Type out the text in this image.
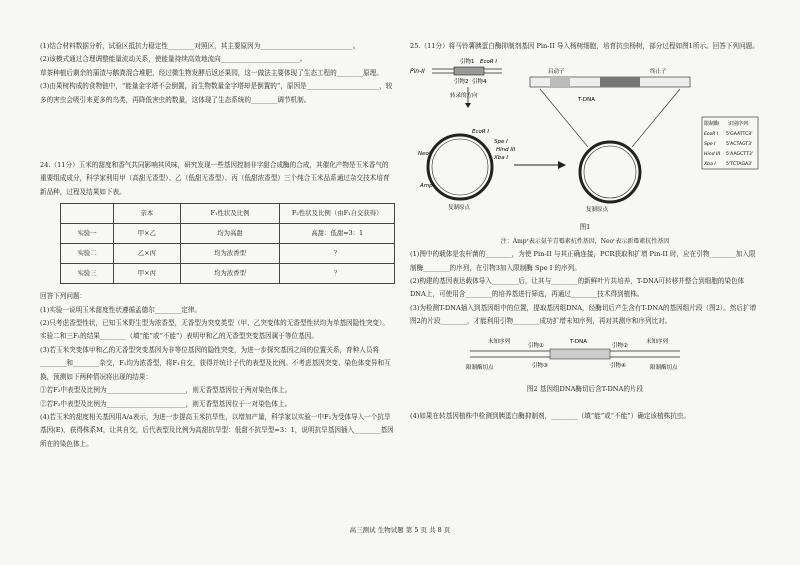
(1)结合材料数据分析，试验区抵抗力稳定性________对照区，其主要原因为____________________________。

(2)该模式通过合理调整能量流动关系，使能量持续高效地流向________________________。

草茶种植后剩余的蒲渣与鹅粪混合堆肥，经过微生物发酵后返还果园，这一做法主要体现了生态工程的________原理。

(3)由果树构成的食物链中，“能量金字塔不会倒置，而生物数量金字塔却是倒置的”，原因是______________________，较多的害虫会吸引来更多的鸟类，再降低害虫的数量，这体现了生态系统的________调节机制。

24.（11分）玉米的甜度和香气共同影响其风味，研究发现一些基因控制非字甜合成酶的合成，其催化产物是玉米香气的重要组成成分，科学家利用甲（高甜无香型）、乙（低甜无香型）、丙（低甜浓香型）三个纯合玉米品系通过杂交技术培育新品种，过程及结果如下表。

	亲本	F₁性状及比例	F₂性状及比例（由F₁自交获得）
实验一	甲×乙	均为高甜	高甜：低甜=3：1
实验二	乙×丙	均为浓香型	？
实验三	甲×丙	均为浓香型	？

回答下列问题：

(1)实验一说明玉米甜度性状遵循孟德尔________定律。

(2)只考虑香型性状，已知玉米野生型为浓香型，无香型为突变类型（甲、乙突变体的无香型性状均为单基因隐性突变）。实验二和三F₁的结果________（填“能”或“不能”）表明甲和乙的无香型突变基因属于等位基因。

(3)若玉米突变体甲和乙的无香型突变基因为非等位基因的隐性突变，为进一步探究基因之间的位置关系，育种人员将________和________杂交，F₁均为浓香型，将F₁自交，获得并统计子代的表型及比例。不考虑基因突变、染色体变异和互换，预测如下两种情况将出现的结果：

①若F₂中表型及比例为________________________，则无香型基因位于两对染色体上。

②若F₂中表型及比例为________________________，则无香型基因位于一对染色体上。

(4)若玉米的甜度相关基因用A/a表示，为进一步提高玉米抗旱性，以增加产量，科学家以实验一中F₁为受体导入一个抗旱基因(E)，获得株系M，让其自交，后代表型及比例为高甜抗旱型：低甜不抗旱型=3：1，说明抗旱基因插入________基因所在的染色体上。

25.（11分）将马铃薯胰蛋白酶抑制剂基因 Pin-II 导入杨树细胞，培育抗虫杨树，部分过程如图1所示。回答下列问题。

Pin-II
引物1
引物2 引物4
EcoR I
转录的方向
EcoR I
Spe I
Hind III
Xba I
Neoʳ
Ampʳ
复制原点
启动子	终止子
T-DNA
复制原点
限制酶 识别序列
EcoR I 5'GAATTC3'
Spe I 5'ACTAGT3'
Hind III 5'AAGCTT3'
Xba I 5'TCTAGA3'

图1

注：Ampʳ表示氨苄青霉素抗性基因，Neoʳ表示新霉素抗性基因

(1)图中的载体是农杆菌的________，为使 Pin-II 与其正确连接，PCR获取和扩增 Pin-II 时，应在引物________加入限制酶________的序列，在引物3加入限制酶 Spe I 的序列。

(2)构建的基因表达载体导入________后，让其与________的新鲜叶片共培养，T-DNA可转移并整合到细胞的染色体DNA上，可使用含________的培养基进行筛选，再通过________技术得到植株。

(3)为检测T-DNA插入到基因组中的位置，提取基因组DNA，经酶切后产生含有T-DNA的基因组片段（图2）。然后扩增图2的片段________，才能利用引物________成功扩增未知序列，再对其测序和序列比对。

未知序列
引物①
T-DNA
引物②
未知序列
限制酶切点	引物③	引物④	限制酶切点

图2 基因组DNA酶切后含T-DNA的片段

(4)如果在转基因植株中检测到胰蛋白酶抑制剂，________（填“能”或“不能”）确定该植株抗虫。

高三测试 生物试题 第 5 页 共 8 页
